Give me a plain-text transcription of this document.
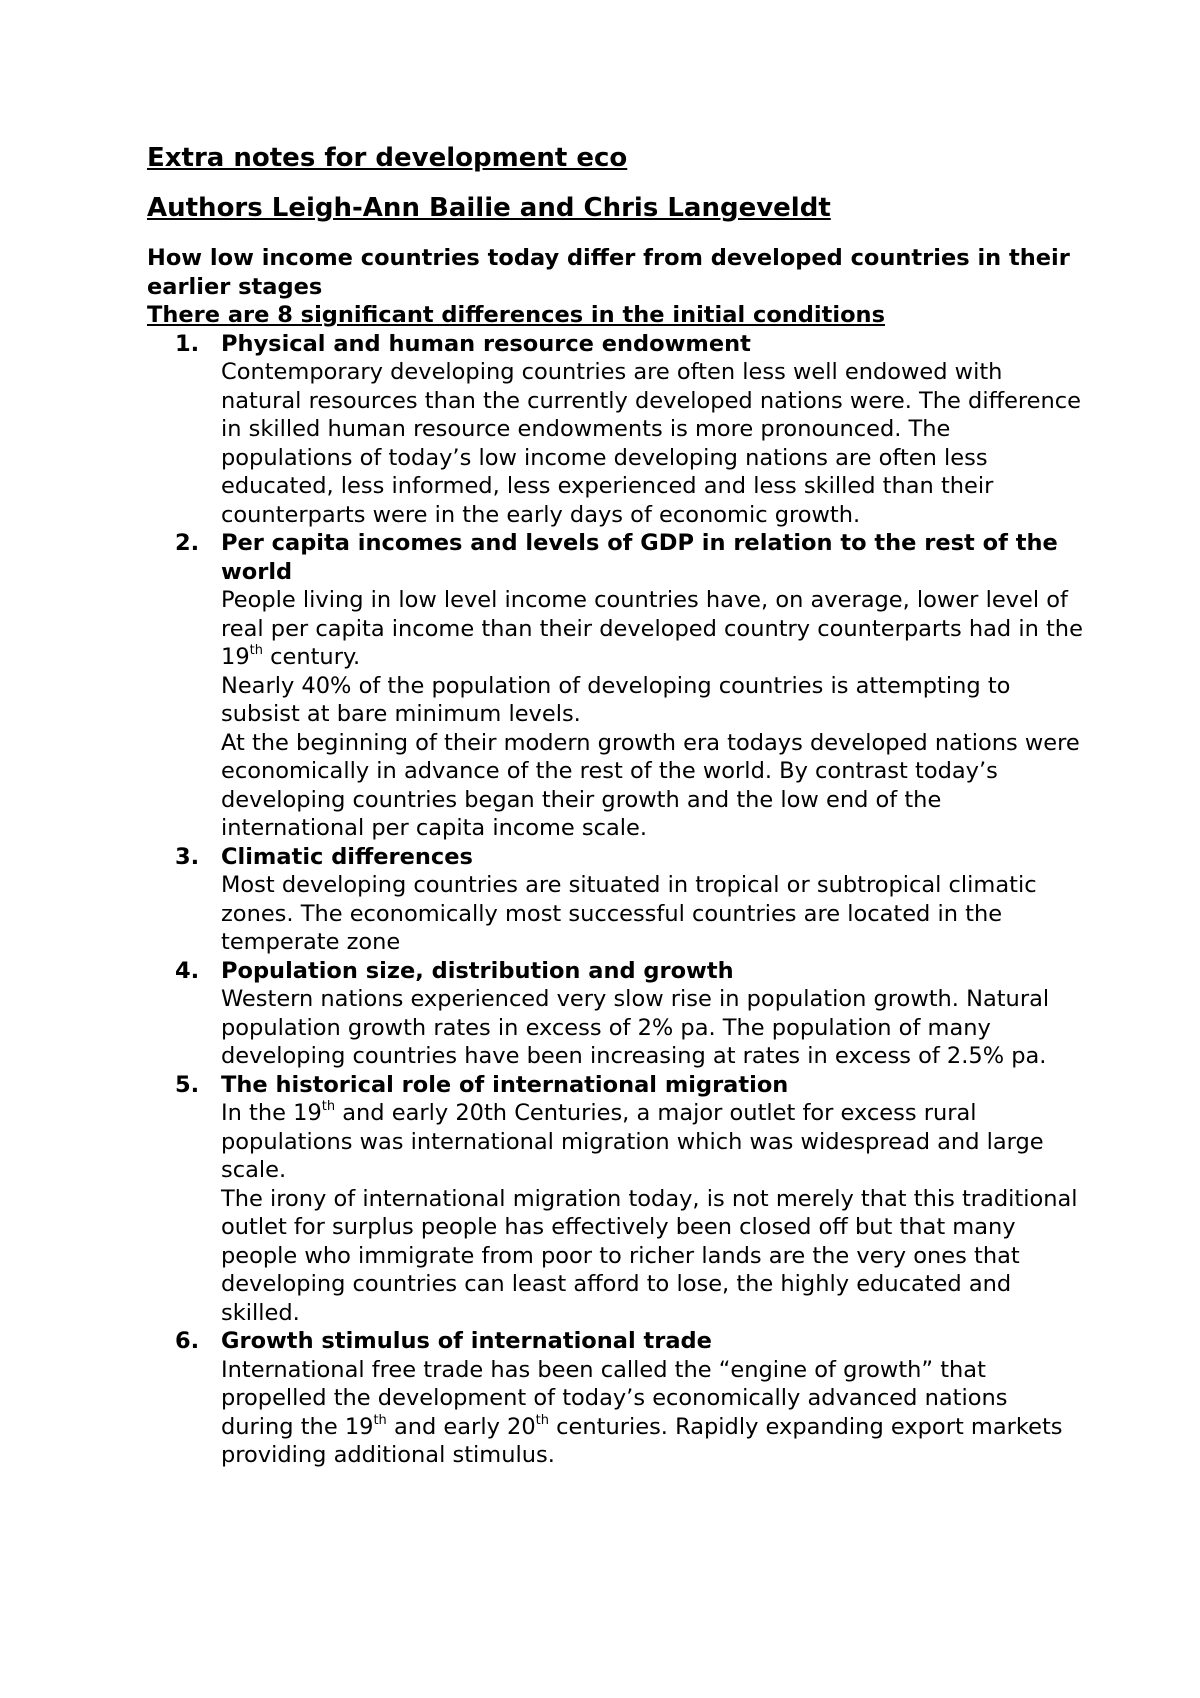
Extra notes for development eco

Authors Leigh-Ann Bailie and Chris Langeveldt

How low income countries today differ from developed countries in their earlier stages

There are 8 significant differences in the initial conditions

1. Physical and human resource endowment
Contemporary developing countries are often less well endowed with natural resources than the currently developed nations were. The difference in skilled human resource endowments is more pronounced. The populations of today’s low income developing nations are often less educated, less informed, less experienced and less skilled than their counterparts were in the early days of economic growth.
2. Per capita incomes and levels of GDP in relation to the rest of the world
People living in low level income countries have, on average, lower level of real per capita income than their developed country counterparts had in the 19th century.
Nearly 40% of the population of developing countries is attempting to subsist at bare minimum levels.
At the beginning of their modern growth era todays developed nations were economically in advance of the rest of the world. By contrast today’s developing countries began their growth and the low end of the international per capita income scale.
3. Climatic differences
Most developing countries are situated in tropical or subtropical climatic zones. The economically most successful countries are located in the temperate zone
4. Population size, distribution and growth
Western nations experienced very slow rise in population growth. Natural population growth rates in excess of 2% pa. The population of many developing countries have been increasing at rates in excess of 2.5% pa.
5. The historical role of international migration
In the 19th and early 20th Centuries, a major outlet for excess rural populations was international migration which was widespread and large scale.
The irony of international migration today, is not merely that this traditional outlet for surplus people has effectively been closed off but that many people who immigrate from poor to richer lands are the very ones that developing countries can least afford to lose, the highly educated and skilled.
6. Growth stimulus of international trade
International free trade has been called the “engine of growth” that propelled the development of today’s economically advanced nations during the 19th and early 20th centuries. Rapidly expanding export markets providing additional stimulus.
